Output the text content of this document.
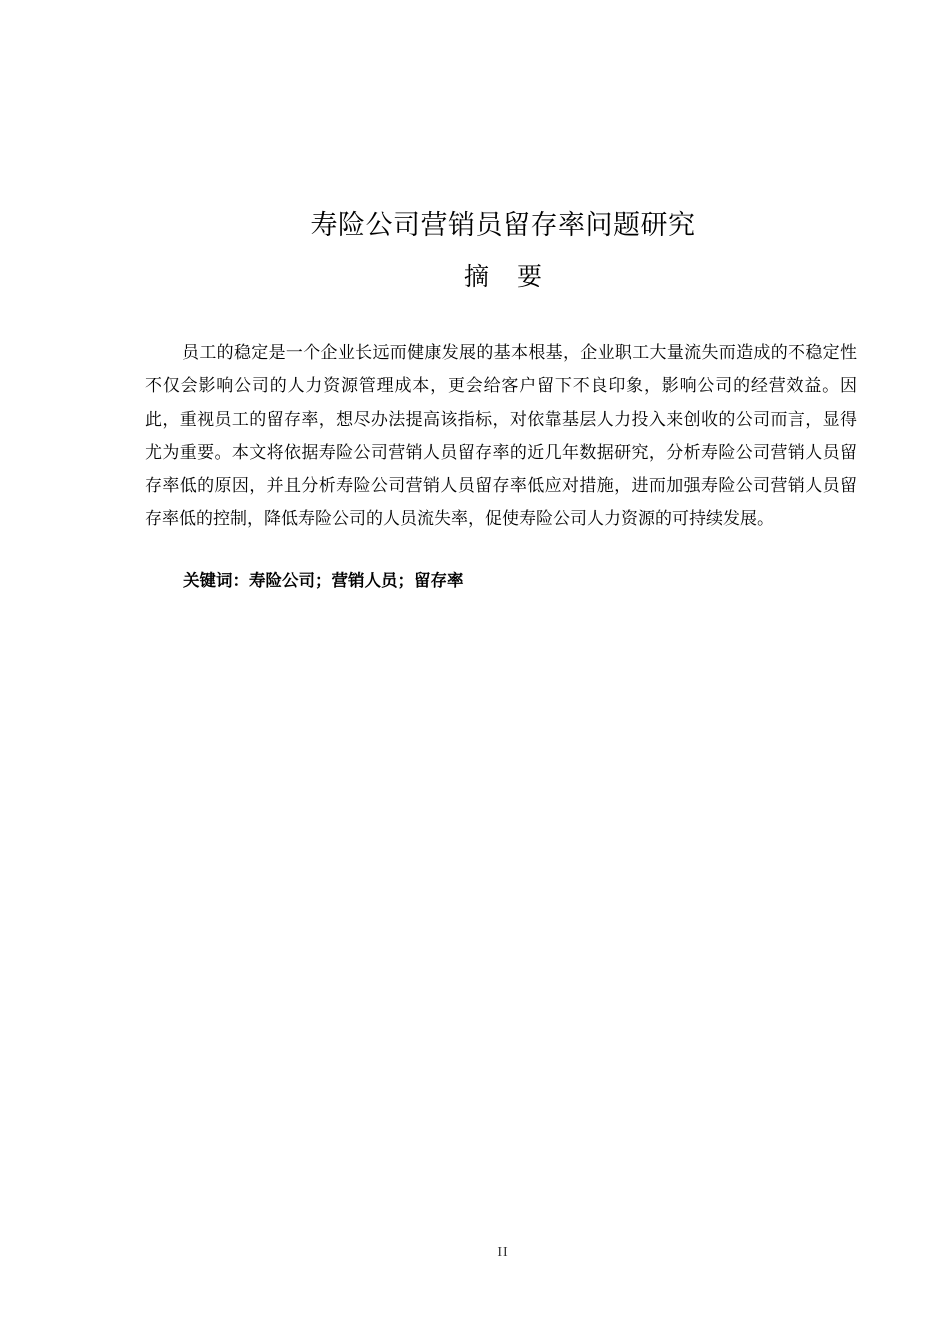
寿险公司营销员留存率问题研究
摘 要

员工的稳定是一个企业长远而健康发展的基本根基，企业职工大量流失而造成的不稳定性不仅会影响公司的人力资源管理成本，更会给客户留下不良印象，影响公司的经营效益。因此，重视员工的留存率，想尽办法提高该指标，对依靠基层人力投入来创收的公司而言，显得尤为重要。本文将依据寿险公司营销人员留存率的近几年数据研究，分析寿险公司营销人员留存率低的原因，并且分析寿险公司营销人员留存率低应对措施，进而加强寿险公司营销人员留存率低的控制，降低寿险公司的人员流失率，促使寿险公司人力资源的可持续发展。

关键词：寿险公司；营销人员；留存率
II
